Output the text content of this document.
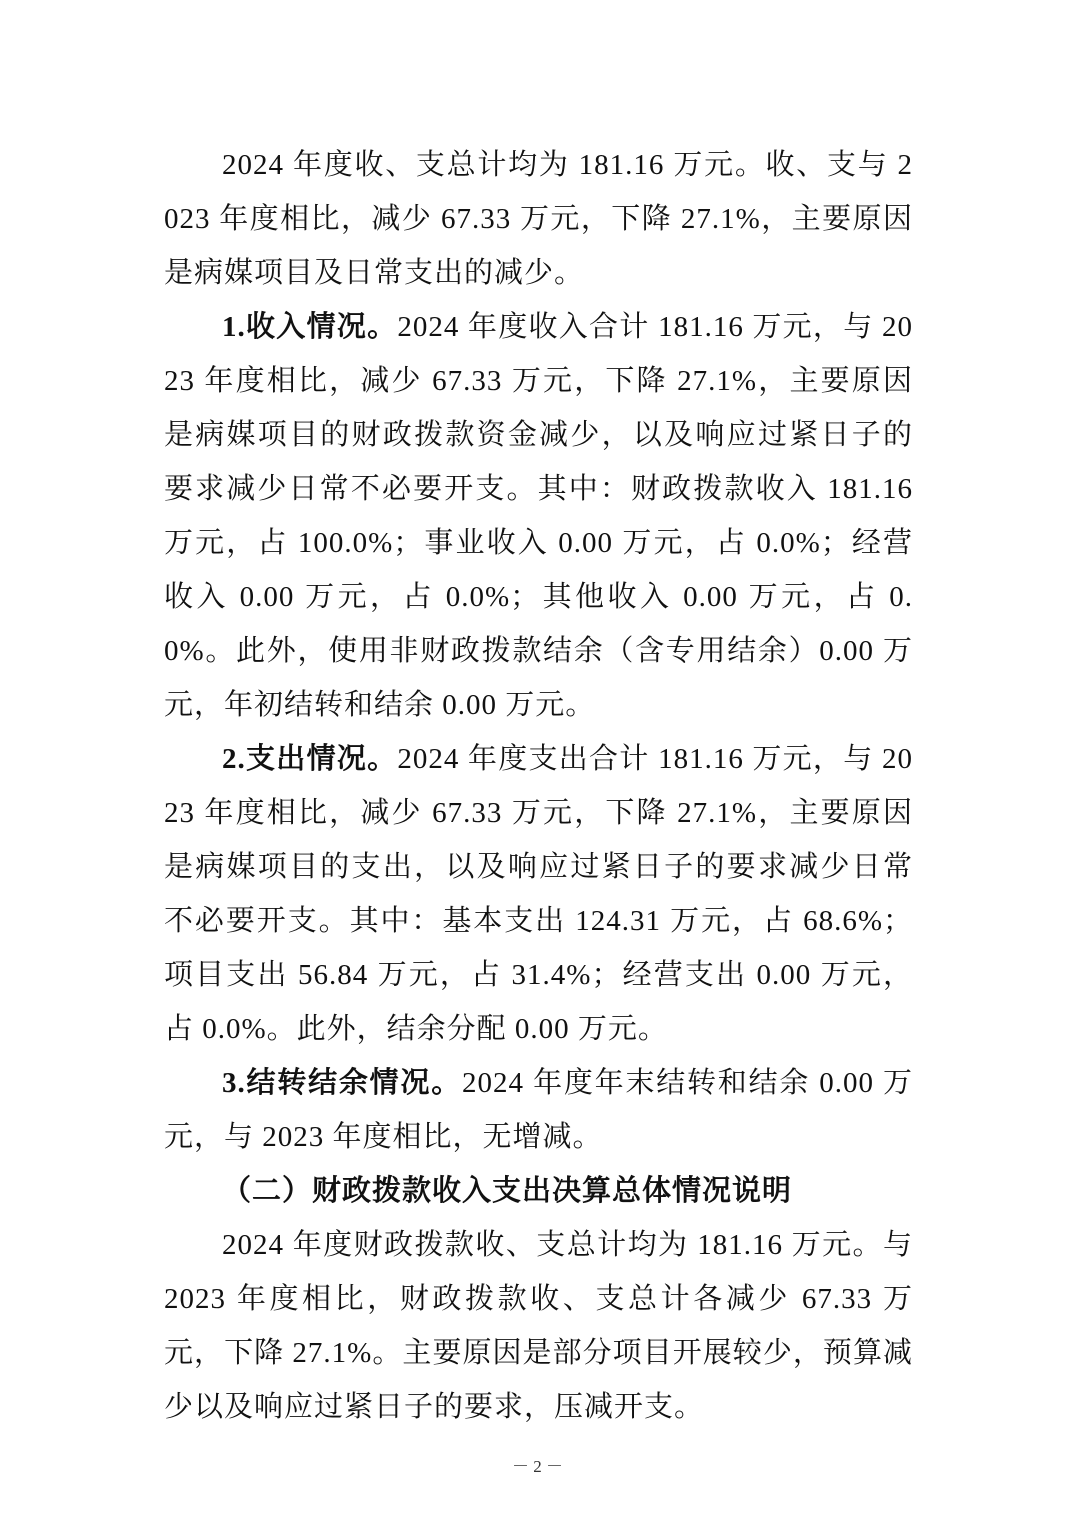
2024 年度收、支总计均为 181.16 万元。收、支与 2023 年度相比，减少 67.33 万元，下降 27.1%，主要原因是病媒项目及日常支出的减少。

1.收入情况。2024 年度收入合计 181.16 万元，与 2023 年度相比，减少 67.33 万元，下降 27.1%，主要原因是病媒项目的财政拨款资金减少，以及响应过紧日子的要求减少日常不必要开支。其中：财政拨款收入 181.16 万元，占 100.0%；事业收入 0.00 万元，占 0.0%；经营收入 0.00 万元，占 0.0%；其他收入 0.00 万元，占 0.0%。此外，使用非财政拨款结余（含专用结余）0.00 万元，年初结转和结余 0.00 万元。

2.支出情况。2024 年度支出合计 181.16 万元，与 2023 年度相比，减少 67.33 万元，下降 27.1%，主要原因是病媒项目的支出，以及响应过紧日子的要求减少日常不必要开支。其中：基本支出 124.31 万元，占 68.6%；项目支出 56.84 万元，占 31.4%；经营支出 0.00 万元，占 0.0%。此外，结余分配 0.00 万元。

3.结转结余情况。2024 年度年末结转和结余 0.00 万元，与 2023 年度相比，无增减。

（二）财政拨款收入支出决算总体情况说明

2024 年度财政拨款收、支总计均为 181.16 万元。与 2023 年度相比，财政拨款收、支总计各减少 67.33 万元，下降 27.1%。主要原因是部分项目开展较少，预算减少以及响应过紧日子的要求，压减开支。

－ 2 －
